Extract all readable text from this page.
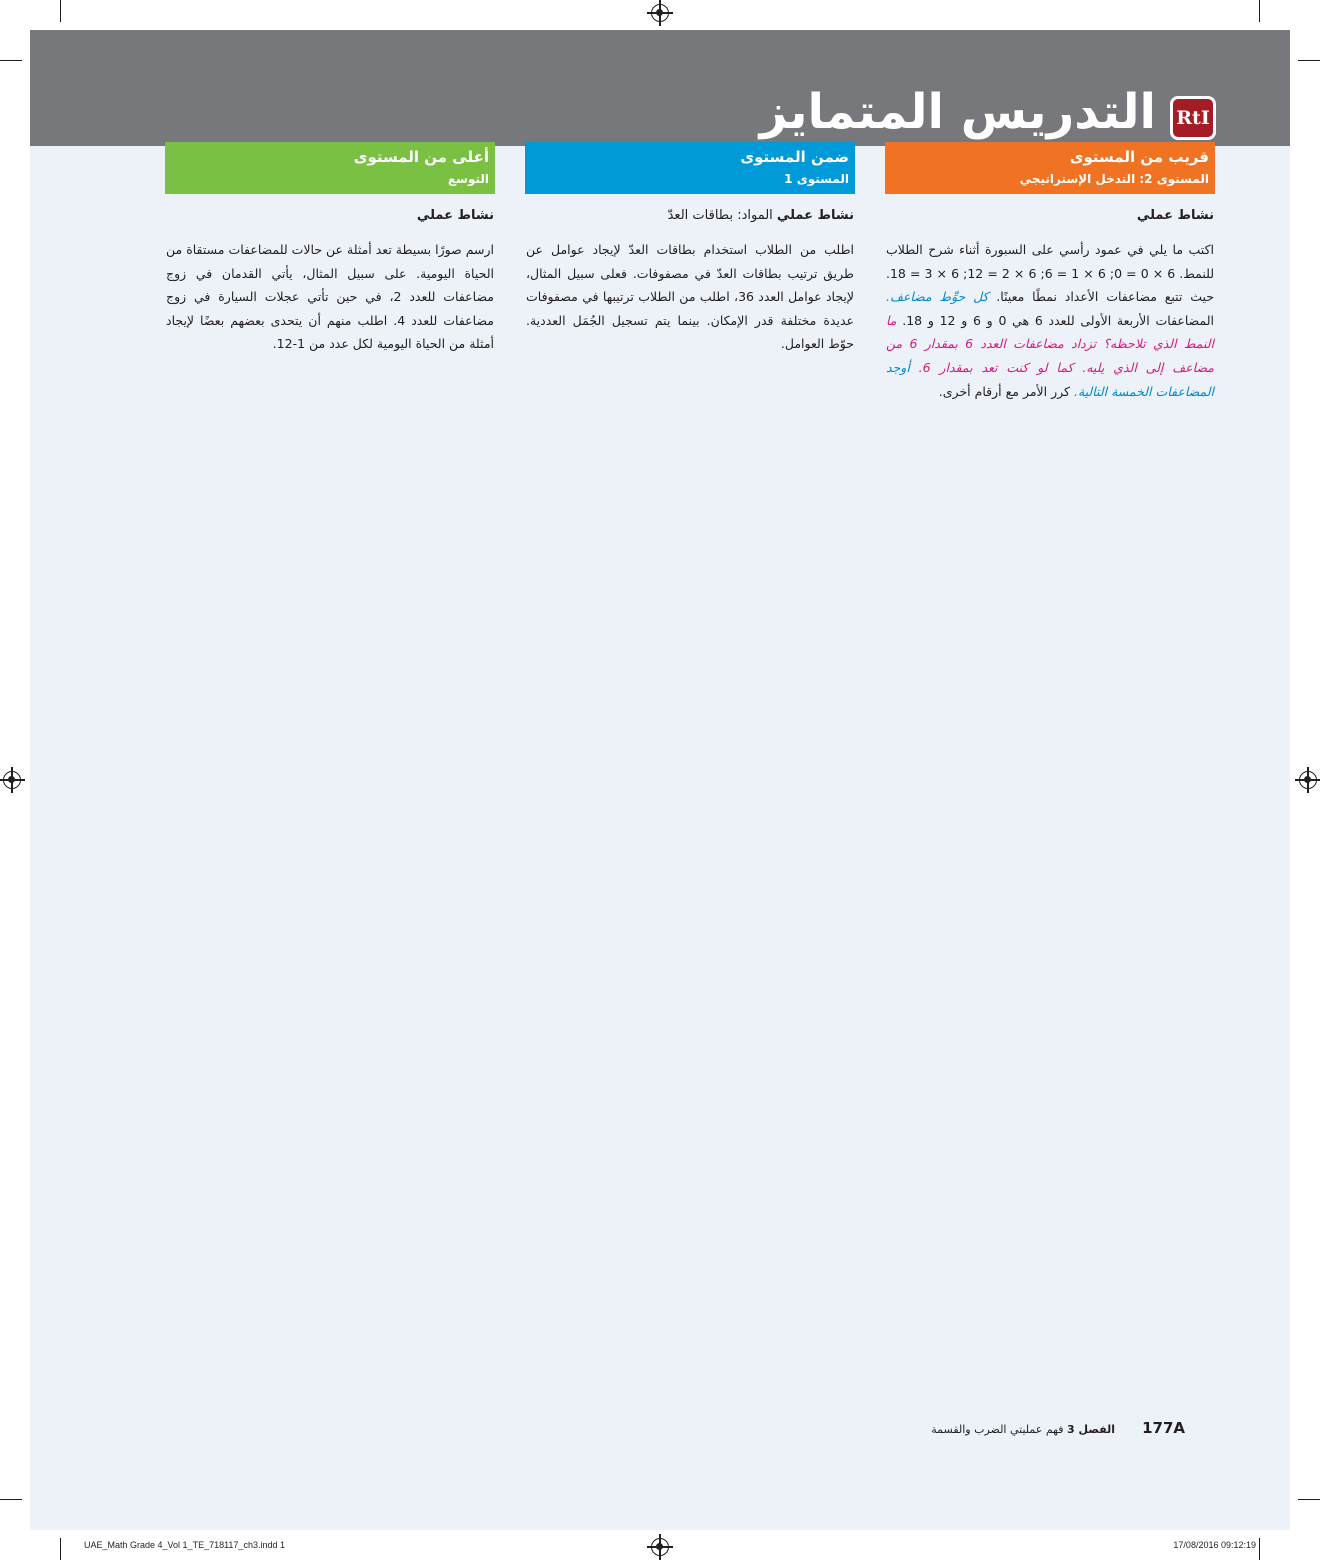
التدريس المتمايز	RtI
قريب من المستوى
المستوى 2: التدخل الإستراتيجي
نشاط عملي
اكتب ما يلي في عمود رأسي على السبورة أثناء شرح الطلاب للنمط. 6 × 0 = 0; 6 × 1 = 6; 6 × 2 = 12; 6 × 3 = 18. حيث تتبع مضاعفات الأعداد نمطًا معينًا. كل حوِّط مضاعف. المضاعفات الأربعة الأولى للعدد 6 هي 0 و 6 و 12 و 18. ما النمط الذي تلاحظه؟ تزداد مضاعفات العدد 6 بمقدار 6 من مضاعف إلى الذي يليه. كما لو كنت تعد بمقدار 6. أوجد المضاعفات الخمسة التالية. كرر الأمر مع أرقام أخرى.
ضمن المستوى
المستوى 1
نشاط عملي المواد: بطاقات العدّ
اطلب من الطلاب استخدام بطاقات العدّ لإيجاد عوامل عن طريق ترتيب بطاقات العدّ في مصفوفات. فعلى سبيل المثال، لإيجاد عوامل العدد 36، اطلب من الطلاب ترتيبها في مصفوفات عديدة مختلفة قدر الإمكان. بينما يتم تسجيل الجُمَل العددية. حوّط العوامل.
أعلى من المستوى
التوسع
نشاط عملي
ارسم صورًا بسيطة تعد أمثلة عن حالات للمضاعفات مستقاة من الحياة اليومية. على سبيل المثال، يأتي القدمان في زوج مضاعفات للعدد 2، في حين تأتي عجلات السيارة في زوج مضاعفات للعدد 4. اطلب منهم أن يتحدى بعضهم بعضًا لإيجاد أمثلة من الحياة اليومية لكل عدد من 1-12.
177A الفصل 3 فهم عمليتي الضرب والقسمة
UAE_Math Grade 4_Vol 1_TE_718117_ch3.indd 1	17/08/2016 09:12:19
